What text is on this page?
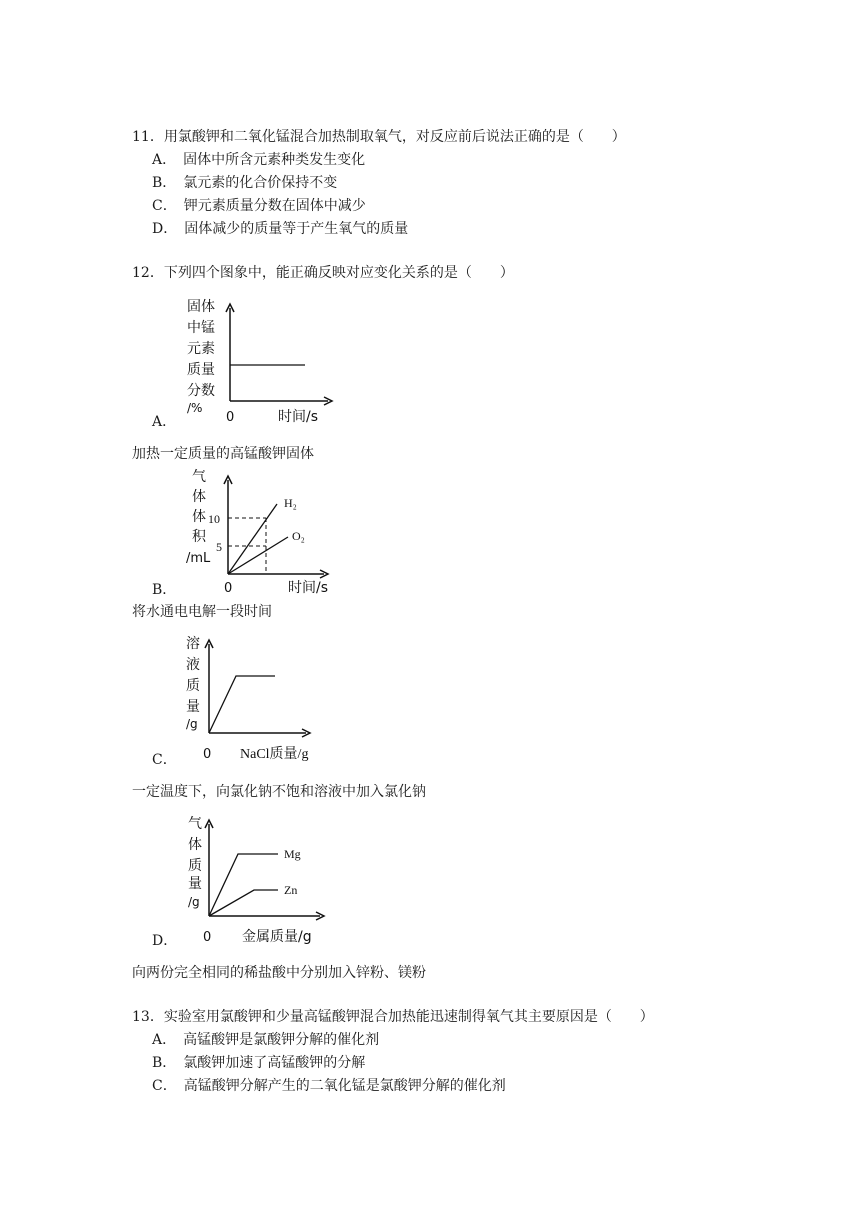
11．用氯酸钾和二氧化锰混合加热制取氧气，对反应前后说法正确的是（　　）
A．　固体中所含元素种类发生变化
B．　氯元素的化合价保持不变
C．　钾元素质量分数在固体中减少
D．　固体减少的质量等于产生氧气的质量
12．下列四个图象中，能正确反映对应变化关系的是（　　）
固体
中锰
元素
质量
分数
/%
0	时间/s
A．
加热一定质量的高锰酸钾固体
气
体
体
积
/mL
10
5
H₂
O₂
0	时间/s
B．
将水通电电解一段时间
溶
液
质
量
/g
0 NaCl质量/g
C．
一定温度下，向氯化钠不饱和溶液中加入氯化钠
气
体
质
量
/g
Mg
Zn
0 金属质量/g
D．
向两份完全相同的稀盐酸中分别加入锌粉、镁粉
13．实验室用氯酸钾和少量高锰酸钾混合加热能迅速制得氧气其主要原因是（　　）
A．　高锰酸钾是氯酸钾分解的催化剂
B．　氯酸钾加速了高锰酸钾的分解
C．　高锰酸钾分解产生的二氧化锰是氯酸钾分解的催化剂
